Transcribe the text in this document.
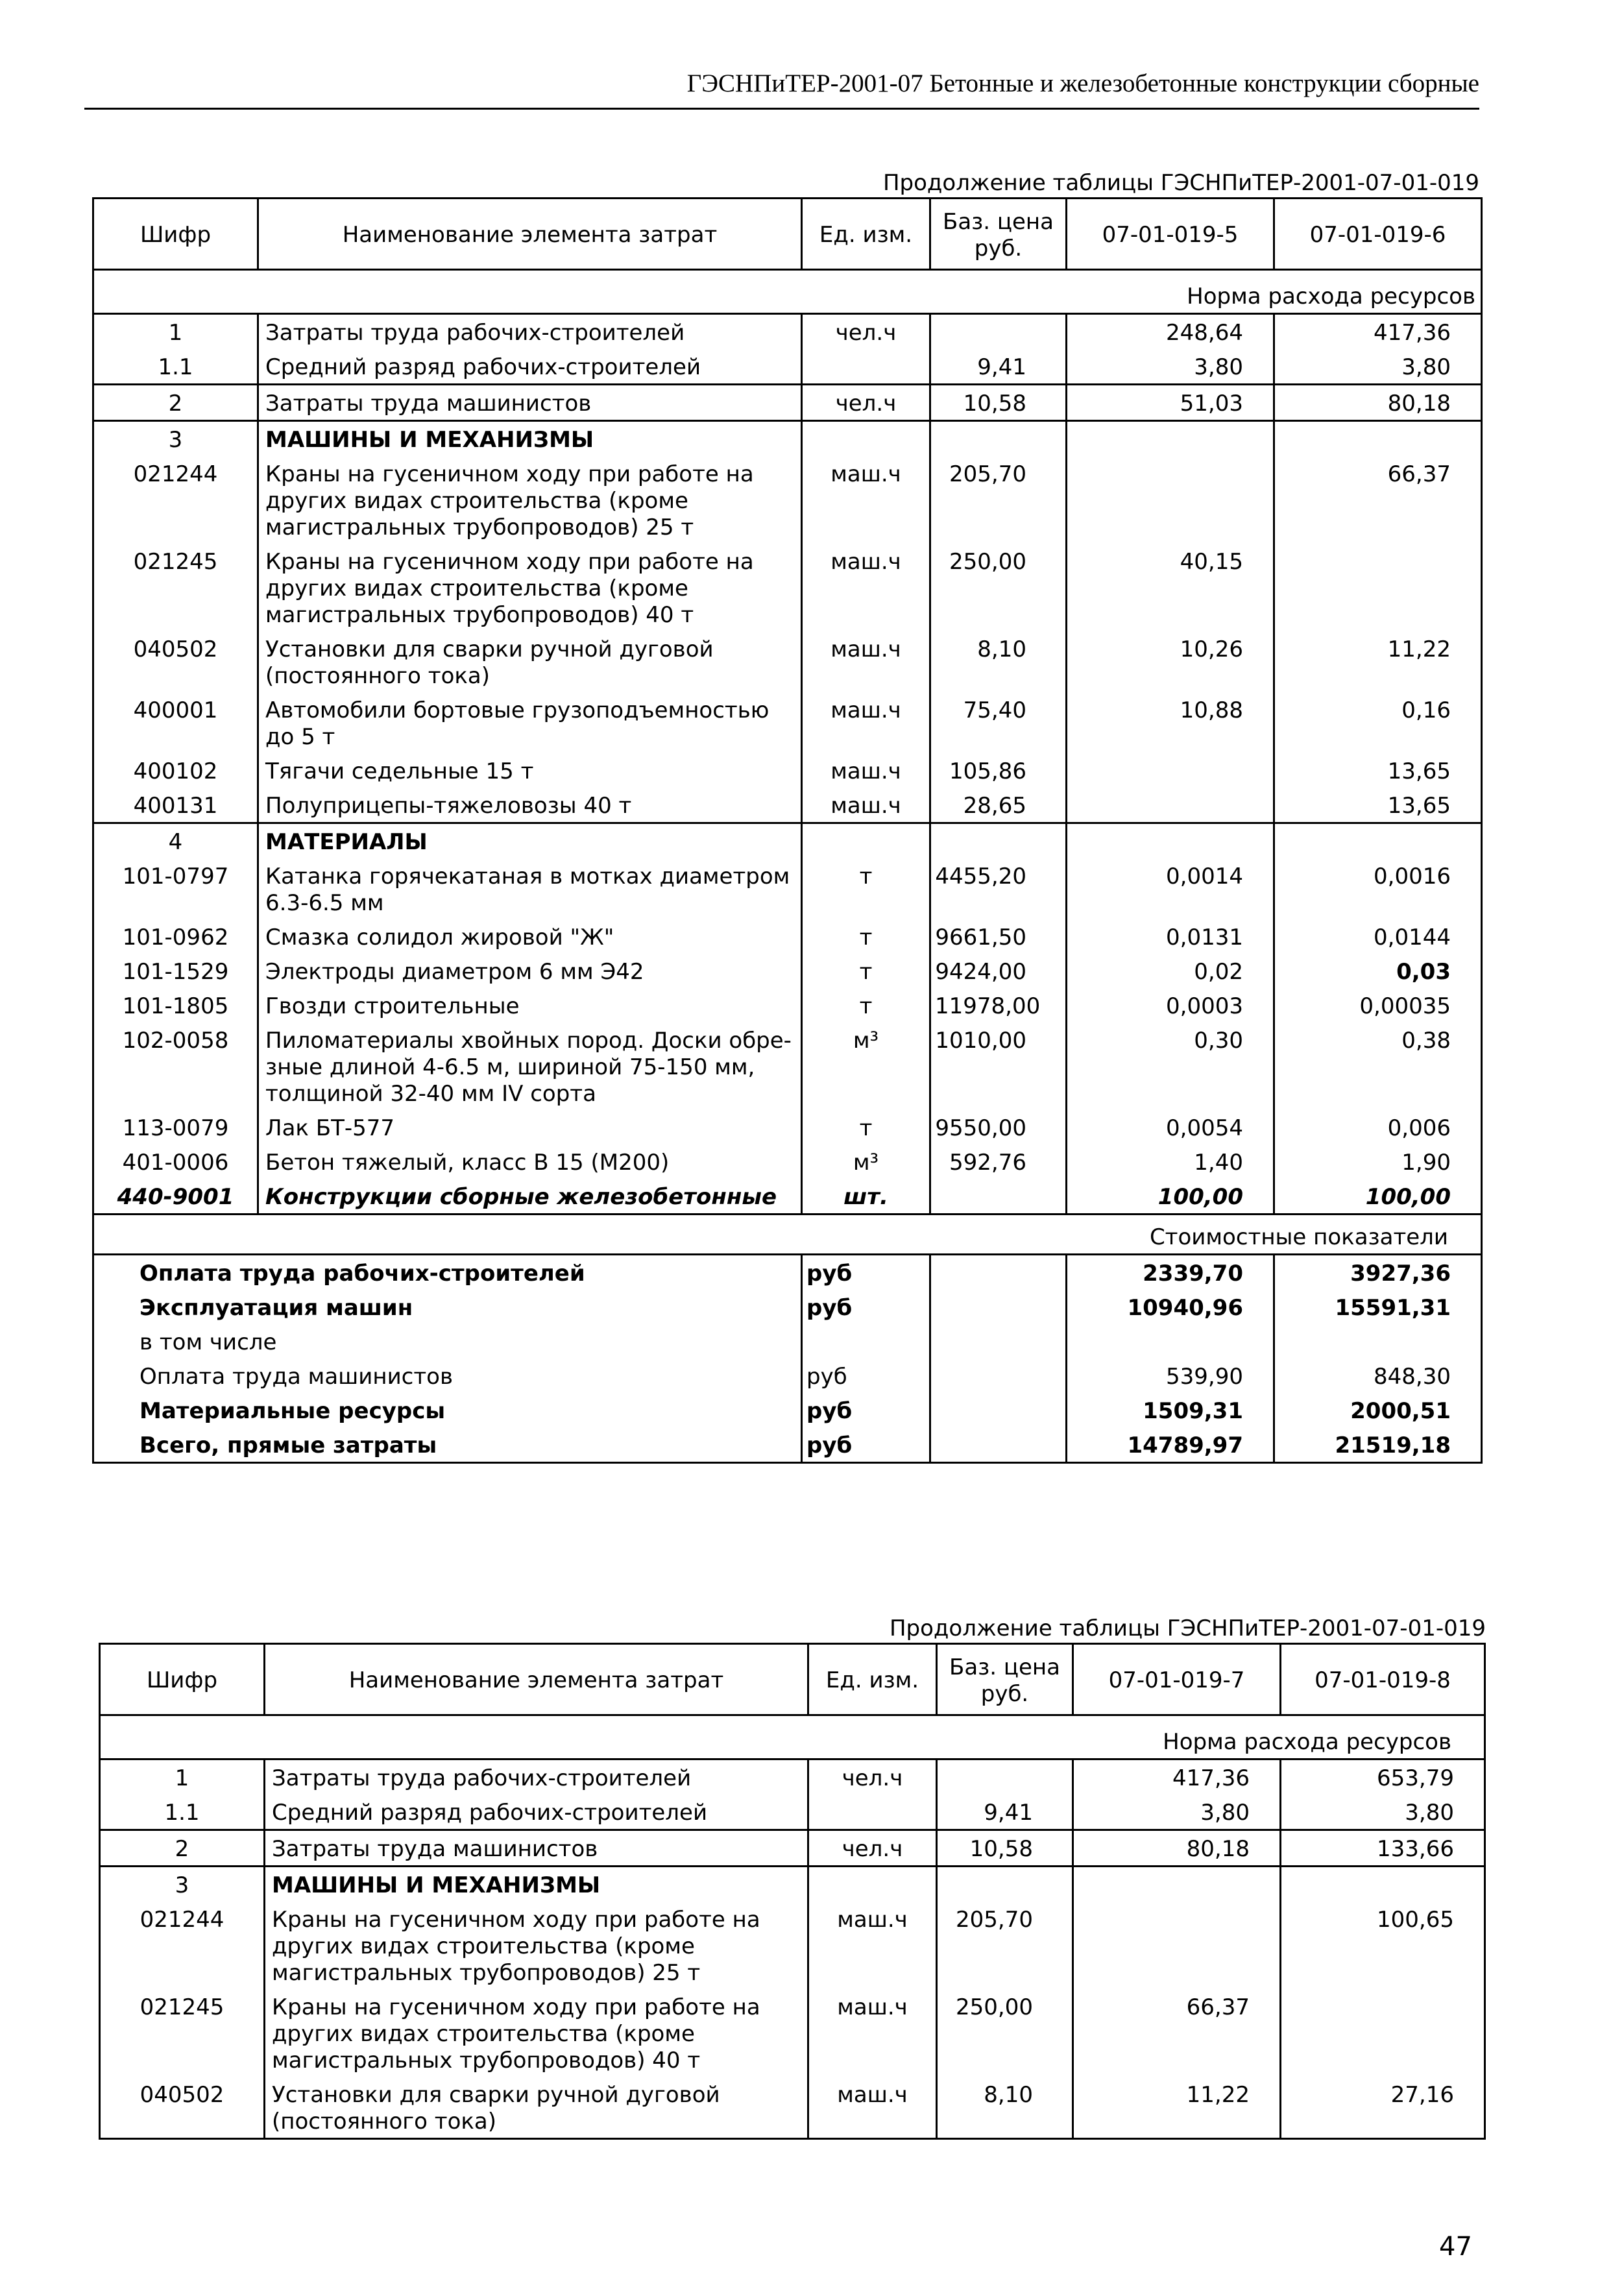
ГЭСНПиТЕР-2001-07 Бетонные и железобетонные конструкции сборные
Продолжение таблицы ГЭСНПиТЕР-2001-07-01-019
Шифр	Наименование элемента затрат	Ед. изм.	Баз. цена руб.	07-01-019-5	07-01-019-6
Норма расхода ресурсов					
1	Затраты труда рабочих-строителей	чел.ч		248,64	417,36
1.1	Средний разряд рабочих-строителей		9,41	3,80	3,80
2	Затраты труда машинистов	чел.ч	10,58	51,03	80,18
3	МАШИНЫ И МЕХАНИЗМЫ				
021244	Краны на гусеничном ходу при работе на других видах строительства (кроме магистральных трубопроводов) 25 т	маш.ч	205,70		66,37
021245	Краны на гусеничном ходу при работе на других видах строительства (кроме магистральных трубопроводов) 40 т	маш.ч	250,00	40,15	
040502	Установки для сварки ручной дуговой (постоянного тока)	маш.ч	8,10	10,26	11,22
400001	Автомобили бортовые грузоподъемностью до 5 т	маш.ч	75,40	10,88	0,16
400102	Тягачи седельные 15 т	маш.ч	105,86		13,65
400131	Полуприцепы-тяжеловозы 40 т	маш.ч	28,65		13,65
4	МАТЕРИАЛЫ				
101-0797	Катанка горячекатаная в мотках диаметром 6.3-6.5 мм	т	4455,20	0,0014	0,0016
101-0962	Смазка солидол жировой "Ж"	т	9661,50	0,0131	0,0144
101-1529	Электроды диаметром 6 мм Э42	т	9424,00	0,02	0,03
101-1805	Гвозди строительные	т	11978,00	0,0003	0,00035
102-0058	Пиломатериалы хвойных пород. Доски обре-зные длиной 4-6.5 м, шириной 75-150 мм, толщиной 32-40 мм IV сорта	м³	1010,00	0,30	0,38
113-0079	Лак БТ-577	т	9550,00	0,0054	0,006
401-0006	Бетон тяжелый, класс В 15 (М200)	м³	592,76	1,40	1,90
440-9001	Конструкции сборные железобетонные	шт.		100,00	100,00
Стоимостные показатели					
Оплата труда рабочих-строителей		руб		2339,70	3927,36
Эксплуатация машин		руб		10940,96	15591,31
в том числе					
Оплата труда машинистов		руб		539,90	848,30
Материальные ресурсы		руб		1509,31	2000,51
Всего, прямые затраты		руб		14789,97	21519,18
Продолжение таблицы ГЭСНПиТЕР-2001-07-01-019
Шифр	Наименование элемента затрат	Ед. изм.	Баз. цена руб.	07-01-019-7	07-01-019-8
Норма расхода ресурсов					
1	Затраты труда рабочих-строителей	чел.ч		417,36	653,79
1.1	Средний разряд рабочих-строителей		9,41	3,80	3,80
2	Затраты труда машинистов	чел.ч	10,58	80,18	133,66
3	МАШИНЫ И МЕХАНИЗМЫ				
021244	Краны на гусеничном ходу при работе на других видах строительства (кроме магистральных трубопроводов) 25 т	маш.ч	205,70		100,65
021245	Краны на гусеничном ходу при работе на других видах строительства (кроме магистральных трубопроводов) 40 т	маш.ч	250,00	66,37	
040502	Установки для сварки ручной дуговой (постоянного тока)	маш.ч	8,10	11,22	27,16
47
